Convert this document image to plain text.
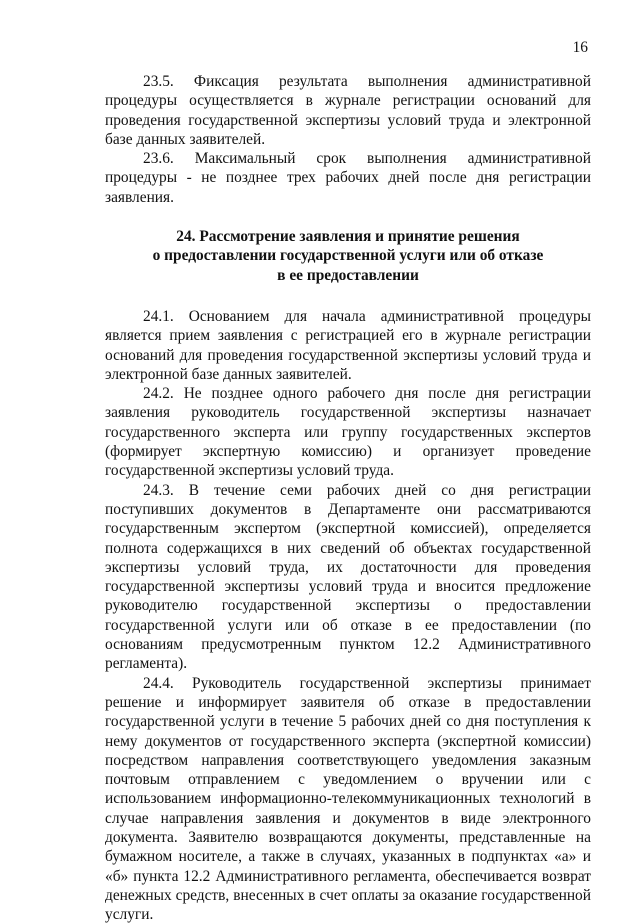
16

23.5. Фиксация результата выполнения административной процедуры осуществляется в журнале регистрации оснований для проведения государственной экспертизы условий труда и электронной базе данных заявителей.

23.6. Максимальный срок выполнения административной процедуры - не позднее трех рабочих дней после дня регистрации заявления.

24. Рассмотрение заявления и принятие решения
о предоставлении государственной услуги или об отказе
в ее предоставлении

24.1. Основанием для начала административной процедуры является прием заявления с регистрацией его в журнале регистрации оснований для проведения государственной экспертизы условий труда и электронной базе данных заявителей.

24.2. Не позднее одного рабочего дня после дня регистрации заявления руководитель государственной экспертизы назначает государственного эксперта или группу государственных экспертов (формирует экспертную комиссию) и организует проведение государственной экспертизы условий труда.

24.3. В течение семи рабочих дней со дня регистрации поступивших документов в Департаменте они рассматриваются государственным экспертом (экспертной комиссией), определяется полнота содержащихся в них сведений об объектах государственной экспертизы условий труда, их достаточности для проведения государственной экспертизы условий труда и вносится предложение руководителю государственной экспертизы о предоставлении государственной услуги или об отказе в ее предоставлении (по основаниям предусмотренным пунктом 12.2 Административного регламента).

24.4. Руководитель государственной экспертизы принимает решение и информирует заявителя об отказе в предоставлении государственной услуги в течение 5 рабочих дней со дня поступления к нему документов от государственного эксперта (экспертной комиссии) посредством направления соответствующего уведомления заказным почтовым отправлением с уведомлением о вручении или с использованием информационно-телекоммуникационных технологий в случае направления заявления и документов в виде электронного документа. Заявителю возвращаются документы, представленные на бумажном носителе, а также в случаях, указанных в подпунктах «а» и «б» пункта 12.2 Административного регламента, обеспечивается возврат денежных средств, внесенных в счет оплаты за оказание государственной услуги.
